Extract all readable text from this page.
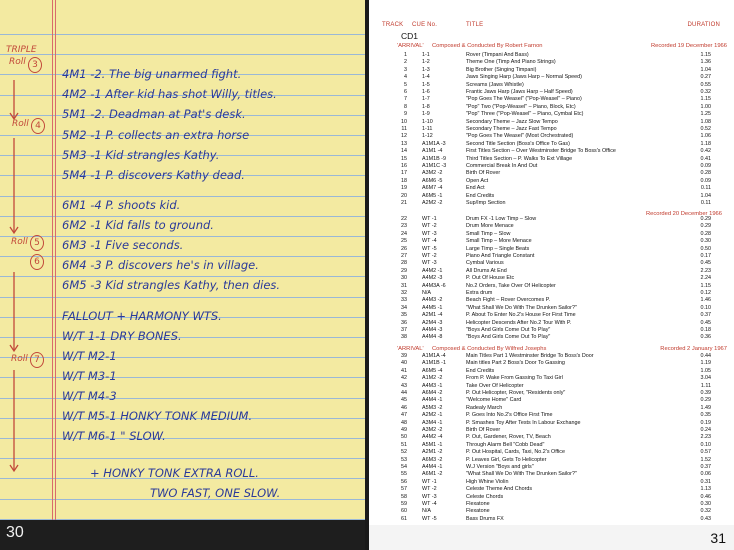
TRIPLE
Roll 3
Roll 4
Roll 5
6
Roll 7
4M1 -2. The big unarmed fight.
4M2 -1 After kid has shot Willy, titles.
5M1 -2. Deadman at Pat's desk.
5M2 -1 P. collects an extra horse
5M3 -1 Kid strangles Kathy.
5M4 -1 P. discovers Kathy dead.
6M1 -4 P. shoots kid.
6M2 -1 Kid falls to ground.
6M3 -1 Five seconds.
6M4 -3 P. discovers he's in village.
6M5 -3 Kid strangles Kathy, then dies.
FALLOUT + HARMONY WTS.
W/T 1-1 DRY BONES.
W/T M2-1
W/T M3-1
W/T M4-3
W/T M5-1 HONKY TONK MEDIUM.
W/T M6-1 " SLOW.
+ HONKY TONK EXTRA ROLL.
TWO FAST, ONE SLOW.
30
TRACK CUE No.	TITLE	DURATION
CD1
'ARRIVAL' Composed & Conducted By Robert Farnon	Recorded 19 December 1966
1	1-1	Rover (Timpani And Bass)	1.15
2	1-2	Theme One (Timp And Piano Strings)	1.36
3	1-3	Big Brother (Singing Timpani)	1.04
4	1-4	Jaws Singing Harp (Jaws Harp – Normal Speed)	0.27
5	1-5	Screams (Jaws Whistle)	0.55
6	1-6	Frantic Jaws Harp (Jaws Harp – Half Speed)	0.32
7	1-7	"Pop Goes The Weasel" ("Pop-Weasel" – Piano)	1.15
8	1-8	"Pop" Two ("Pop-Weasel" – Piano, Block, Etc)	1.00
9	1-9	"Pop" Three ("Pop-Weasel" – Piano, Cymbal Etc)	1.25
10	1-10	Secondary Theme – Jazz Slow Tempo	1.08
11	1-11	Secondary Theme – Jazz Fast Tempo	0.52
12	1-12	"Pop Goes The Weasel" (Most Orchestrated)	1.06
13	A1M1A -3	Second Title Section (Boss's Office To Gas)	1.18
14	A1M1 -4	First Titles Section – Over Westminster Bridge To Boss's Office	0.42
15	A1M1B -9	Third Titles Section – P. Walks To Ext Village	0.41
16	A1M1C -3	Commercial Break In And Out	0.09
17	A3M2 -2	Birth Of Rover	0.28
18	A6M6 -5	Open Act	0.09
19	A6M7 -4	End Act	0.11
20	A6M5 -1	End Credits	1.04
21	A2M2 -2	Sup/Imp Section	0.11
Recorded 20 December 1966
22	WT -1	Drum FX -1 Low Timp – Slow	0.29
23	WT -2	Drum More Menace	0.29
24	WT -3	Small Timp – Slow	0.28
25	WT -4	Small Timp – More Menace	0.30
26	WT -5	Large Timp – Single Beats	0.50
27	WT -2	Piano And Triangle Constant	0.17
28	WT -3	Cymbal Various	0.45
29	A4M2 -1	All Drums At End	2.23
30	A4M2 -3	P. Out Of House Etc	2.24
31	A4M3A -6	No.2 Orders, Take Over Of Helicopter	1.15
32	N/A	Extra drum	0.12
33	A4M3 -2	Beach Fight – Rover Overcomes P.	1.46
34	A4M5 -1	"What Shall We Do With The Drunken Sailor?"	0.10
35	A2M1 -4	P. About To Enter No.2's House For First Time	0.37
36	A2M4 -3	Helicopter Descends After No.2 Tour With P.	0.45
37	A4M4 -3	"Boys And Girls Come Out To Play"	0.18
38	A4M4 -8	"Boys And Girls Come Out To Play"	0.36
'ARRIVAL' Composed & Conducted By Wilfred Josephs	Recorded 2 January 1967
39	A1M1A -4	Main Titles Part 1 Westminster Bridge To Boss's Door	0.44
40	A1M1B -1	Main titles Part 2 Boss's Door To Gassing	1.19
41	A6M5 -4	End Credits	1.05
42	A1M2 -2	From P. Wake From Gassing To Taxi Girl	3.04
43	A4M3 -1	Take Over Of Helicopter	1.11
44	A6M4 -2	P. Out Helicopter, Rover, "Residents only"	0.39
45	A4M4 -1	"Welcome Home" Card	0.29
46	A5M3 -2	Radealy March	1.49
47	A2M2 -1	P. Goes Into No.2's Office First Time	0.35
48	A3M4 -1	P. Smashes Toy After Tests In Labour Exchange	0.19
49	A3M2 -2	Birth Of Rover	0.24
50	A4M2 -4	P. Out, Gardener, Rover, TV, Beach	2.23
51	A5M1 -1	Through Alarm Bell "Cobb Dead"	0.10
52	A2M1 -2	P. Out Hospital, Cards, Taxi, No.2's Office	0.57
53	A6M3 -2	P. Leaves Girl, Gets To Helicopter	1.52
54	A4M4 -1	W.J Version "Boys and girls"	0.37
55	A6M1 -2	"What Shall We Do With The Drunken Sailor?"	0.06
56	WT -1	High Whine Violin	0.31
57	WT -2	Celeste Theme And Chords	1.13
58	WT -3	Celeste Chords	0.46
59	WT -4	Flexatone	0.30
60	N/A	Flexatone	0.32
61	WT -5	Bass Drums FX	0.43
31
